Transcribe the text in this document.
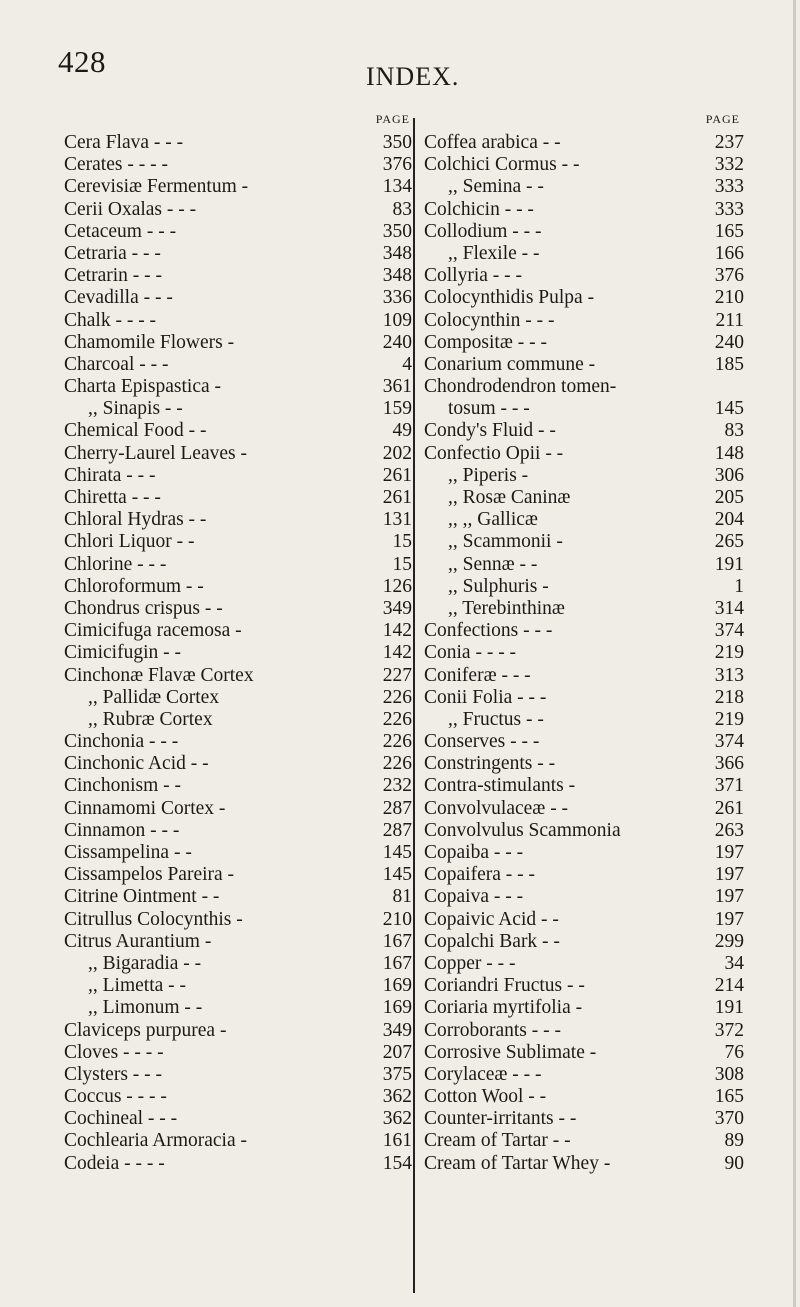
428	INDEX.
PAGE
Cera Flava - - -	350
Cerates - - - -	376
Cerevisiæ Fermentum -	134
Cerii Oxalas - - -	83
Cetaceum - - -	350
Cetraria - - -	348
Cetrarin - - -	348
Cevadilla - - -	336
Chalk - - - -	109
Chamomile Flowers -	240
Charcoal - - -	4
Charta Epispastica -	361
,, Sinapis - -	159
Chemical Food - -	49
Cherry-Laurel Leaves -	202
Chirata - - -	261
Chiretta - - -	261
Chloral Hydras - -	131
Chlori Liquor - -	15
Chlorine - - -	15
Chloroformum - -	126
Chondrus crispus - -	349
Cimicifuga racemosa -	142
Cimicifugin - -	142
Cinchonæ Flavæ Cortex	227
,, Pallidæ Cortex	226
,, Rubræ Cortex	226
Cinchonia - - -	226
Cinchonic Acid - -	226
Cinchonism - -	232
Cinnamomi Cortex -	287
Cinnamon - - -	287
Cissampelina - -	145
Cissampelos Pareira -	145
Citrine Ointment - -	81
Citrullus Colocynthis -	210
Citrus Aurantium -	167
,, Bigaradia - -	167
,, Limetta - -	169
,, Limonum - -	169
Claviceps purpurea -	349
Cloves - - - -	207
Clysters - - -	375
Coccus - - - -	362
Cochineal - - -	362
Cochlearia Armoracia -	161
Codeia - - - -	154
PAGE
Coffea arabica - -	237
Colchici Cormus - -	332
,, Semina - -	333
Colchicin - - -	333
Collodium - - -	165
,, Flexile - -	166
Collyria - - -	376
Colocynthidis Pulpa -	210
Colocynthin - - -	211
Compositæ - - -	240
Conarium commune -	185
Chondrodendron tomen-
tosum - - -	145
Condy's Fluid - -	83
Confectio Opii - -	148
,, Piperis -	306
,, Rosæ Caninæ	205
,, ,, Gallicæ	204
,, Scammonii -	265
,, Sennæ - -	191
,, Sulphuris -	1
,, Terebinthinæ	314
Confections - - -	374
Conia - - - -	219
Coniferæ - - -	313
Conii Folia - - -	218
,, Fructus - -	219
Conserves - - -	374
Constringents - -	366
Contra-stimulants -	371
Convolvulaceæ - -	261
Convolvulus Scammonia	263
Copaiba - - -	197
Copaifera - - -	197
Copaiva - - -	197
Copaivic Acid - -	197
Copalchi Bark - -	299
Copper - - -	34
Coriandri Fructus - -	214
Coriaria myrtifolia -	191
Corroborants - - -	372
Corrosive Sublimate -	76
Corylaceæ - - -	308
Cotton Wool - -	165
Counter-irritants - -	370
Cream of Tartar - -	89
Cream of Tartar Whey -	90
